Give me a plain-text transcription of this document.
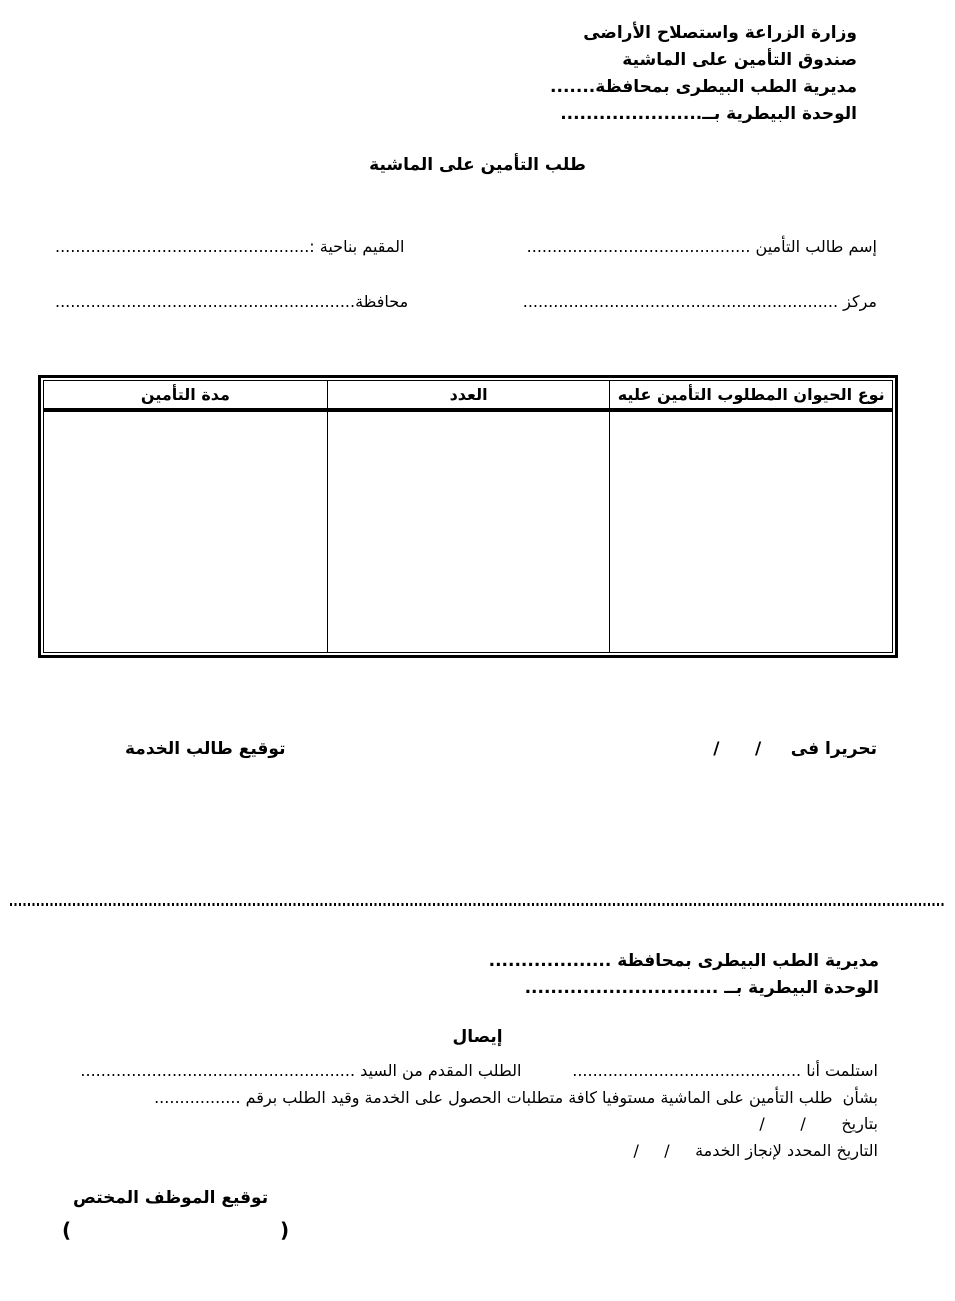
وزارة الزراعة واستصلاح الأراضى
صندوق التأمين على الماشية
مديرية الطب البيطرى بمحافظة.......
الوحدة البيطرية بــ......................
طلب التأمين على الماشية
إسم طالب التأمين ............................................
المقيم بناحية :..................................................
مركز ..............................................................
محافظة...........................................................
نوع الحيوان المطلوب التأمين عليه
العدد
مدة التأمين
تحريرا فى     /      /
توقيع طالب الخدمة
مديرية الطب البيطرى بمحافظة ...................
الوحدة البيطرية بــ ..............................
إيصال
استلمت أنا .............................................          الطلب المقدم من السيد ......................................................
بشأن  طلب التأمين على الماشية مستوفيا كافة متطلبات الحصول على الخدمة وقيد الطلب برقم .................
بتاريخ       /       /
التاريخ المحدد لإنجاز الخدمة     /     /
توقيع الموظف المختص
(                              )
